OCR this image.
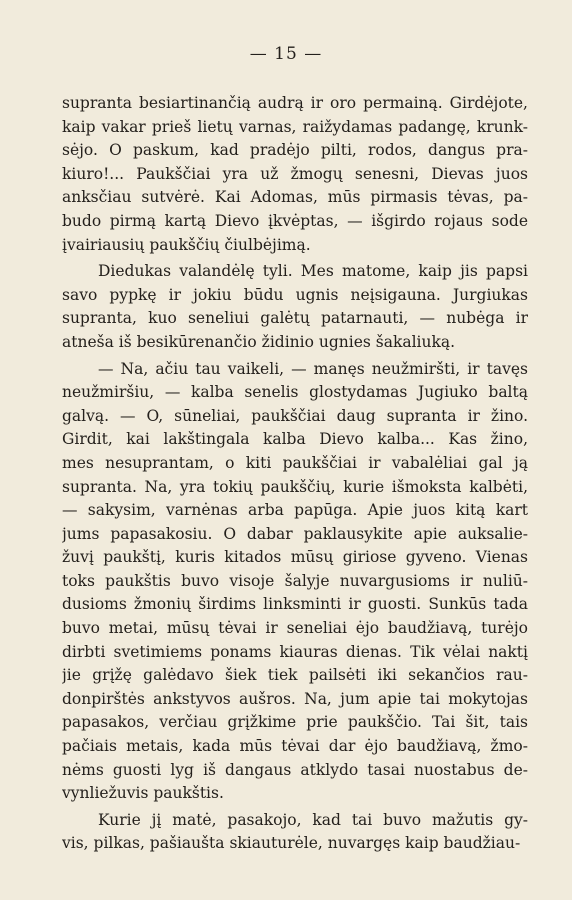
— 15 —
supranta besiartinančią audrą ir oro permainą. Girdėjote,
kaip vakar prieš lietų varnas, raižydamas padangę, krunk-
sėjo. O paskum, kad pradėjo pilti, rodos, dangus pra-
kiuro!... Paukščiai yra už žmogų senesni, Dievas juos
anksčiau sutvėrė. Kai Adomas, mūs pirmasis tėvas, pa-
budo pirmą kartą Dievo įkvėptas, — išgirdo rojaus sode
įvairiausių paukščių čiulbėjimą.
Diedukas valandėlę tyli. Mes matome, kaip jis papsi
savo pypkę ir jokiu būdu ugnis neįsigauna. Jurgiukas
supranta, kuo seneliui galėtų patarnauti, — nubėga ir
atneša iš besikūrenančio židinio ugnies šakaliuką.
— Na, ačiu tau vaikeli, — manęs neužmiršti, ir tavęs
neužmiršiu, — kalba senelis glostydamas Jugiuko baltą
galvą. — O, sūneliai, paukščiai daug supranta ir žino.
Girdit, kai lakštingala kalba Dievo kalba... Kas žino,
mes nesuprantam, o kiti paukščiai ir vabalėliai gal ją
supranta. Na, yra tokių paukščių, kurie išmoksta kalbėti,
— sakysim, varnėnas arba papūga. Apie juos kitą kart
jums papasakosiu. O dabar paklausykite apie auksalie-
žuvį paukštį, kuris kitados mūsų giriose gyveno. Vienas
toks paukštis buvo visoje šalyje nuvargusioms ir nuliū-
dusioms žmonių širdims linksminti ir guosti. Sunkūs tada
buvo metai, mūsų tėvai ir seneliai ėjo baudžiavą, turėjo
dirbti svetimiems ponams kiauras dienas. Tik vėlai naktį
jie grįžę galėdavo šiek tiek pailsėti iki sekančios rau-
donpirštės ankstyvos aušros. Na, jum apie tai mokytojas
papasakos, verčiau grįžkime prie paukščio. Tai šit, tais
pačiais metais, kada mūs tėvai dar ėjo baudžiavą, žmo-
nėms guosti lyg iš dangaus atklydo tasai nuostabus de-
vynliežuvis paukštis.
Kurie jį matė, pasakojo, kad tai buvo mažutis gy-
vis, pilkas, pašiaušta skiauturėle, nuvargęs kaip baudžiau-
